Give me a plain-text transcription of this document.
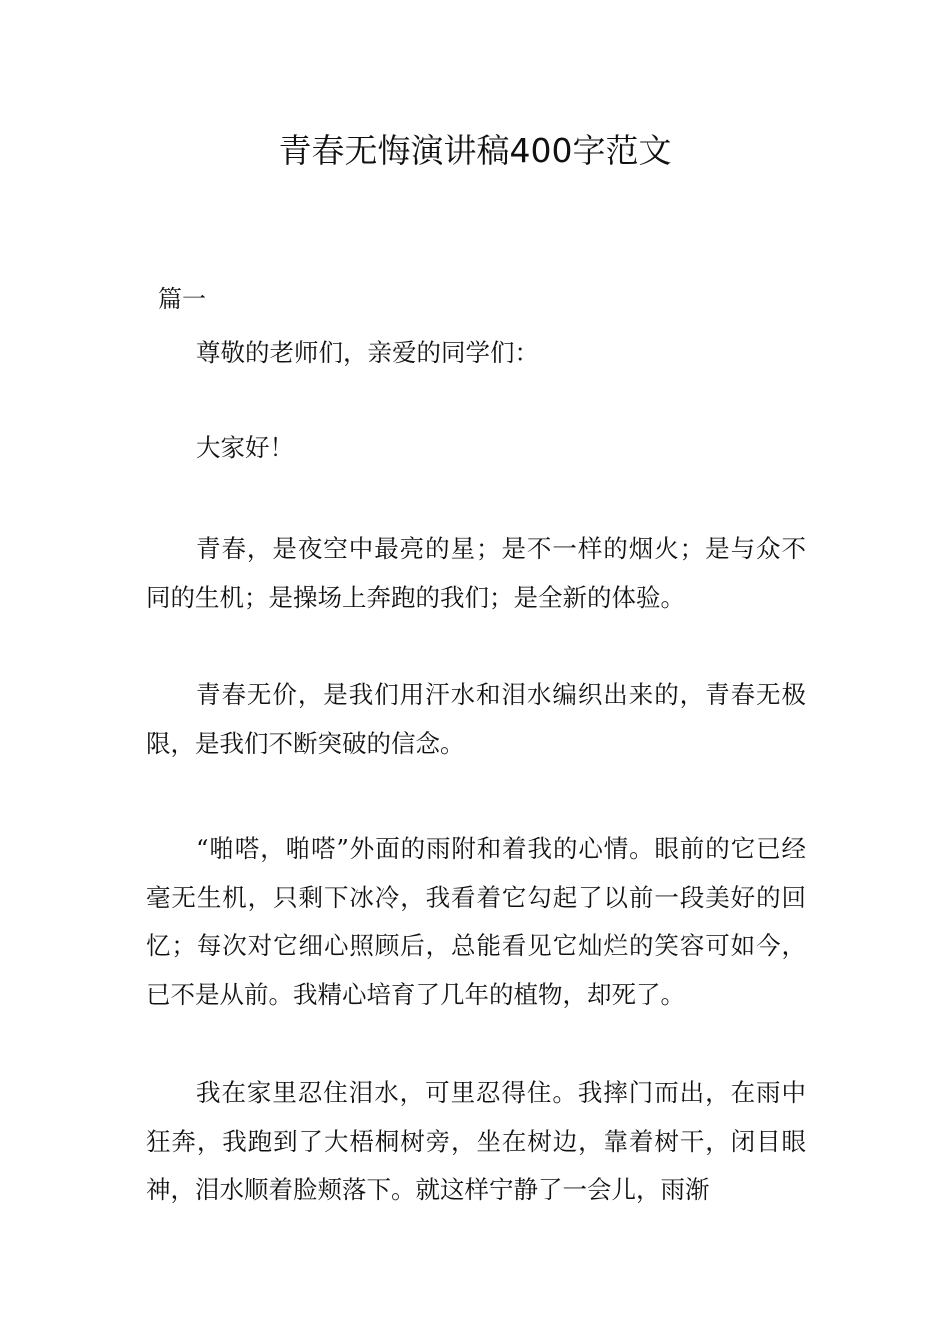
青春无悔演讲稿400字范文

篇一

尊敬的老师们，亲爱的同学们：

大家好！

青春，是夜空中最亮的星；是不一样的烟火；是与众不同的生机；是操场上奔跑的我们；是全新的体验。

青春无价，是我们用汗水和泪水编织出来的，青春无极限，是我们不断突破的信念。

“啪嗒，啪嗒”外面的雨附和着我的心情。眼前的它已经毫无生机，只剩下冰冷，我看着它勾起了以前一段美好的回忆；每次对它细心照顾后，总能看见它灿烂的笑容可如今，已不是从前。我精心培育了几年的植物，却死了。

我在家里忍住泪水，可里忍得住。我摔门而出，在雨中狂奔，我跑到了大梧桐树旁，坐在树边，靠着树干，闭目眼神，泪水顺着脸颊落下。就这样宁静了一会儿，雨渐
